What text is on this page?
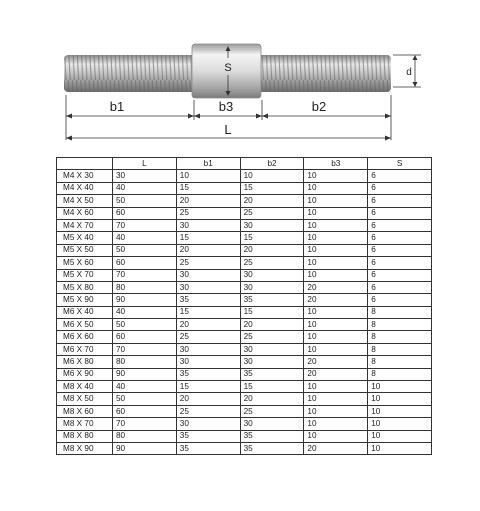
S	d
b1	b3	b2
L
	L	b1	b2	b3	S
M4 X 30	30	10	10	10	6
M4 X 40	40	15	15	10	6
M4 X 50	50	20	20	10	6
M4 X 60	60	25	25	10	6
M4 X 70	70	30	30	10	6
M5 X 40	40	15	15	10	6
M5 X 50	50	20	20	10	6
M5 X 60	60	25	25	10	6
M5 X 70	70	30	30	10	6
M5 X 80	80	30	30	20	6
M5 X 90	90	35	35	20	6
M6 X 40	40	15	15	10	8
M6 X 50	50	20	20	10	8
M6 X 60	60	25	25	10	8
M6 X 70	70	30	30	10	8
M6 X 80	80	30	30	20	8
M6 X 90	90	35	35	20	8
M8 X 40	40	15	15	10	10
M8 X 50	50	20	20	10	10
M8 X 60	60	25	25	10	10
M8 X 70	70	30	30	10	10
M8 X 80	80	35	35	10	10
M8 X 90	90	35	35	20	10
